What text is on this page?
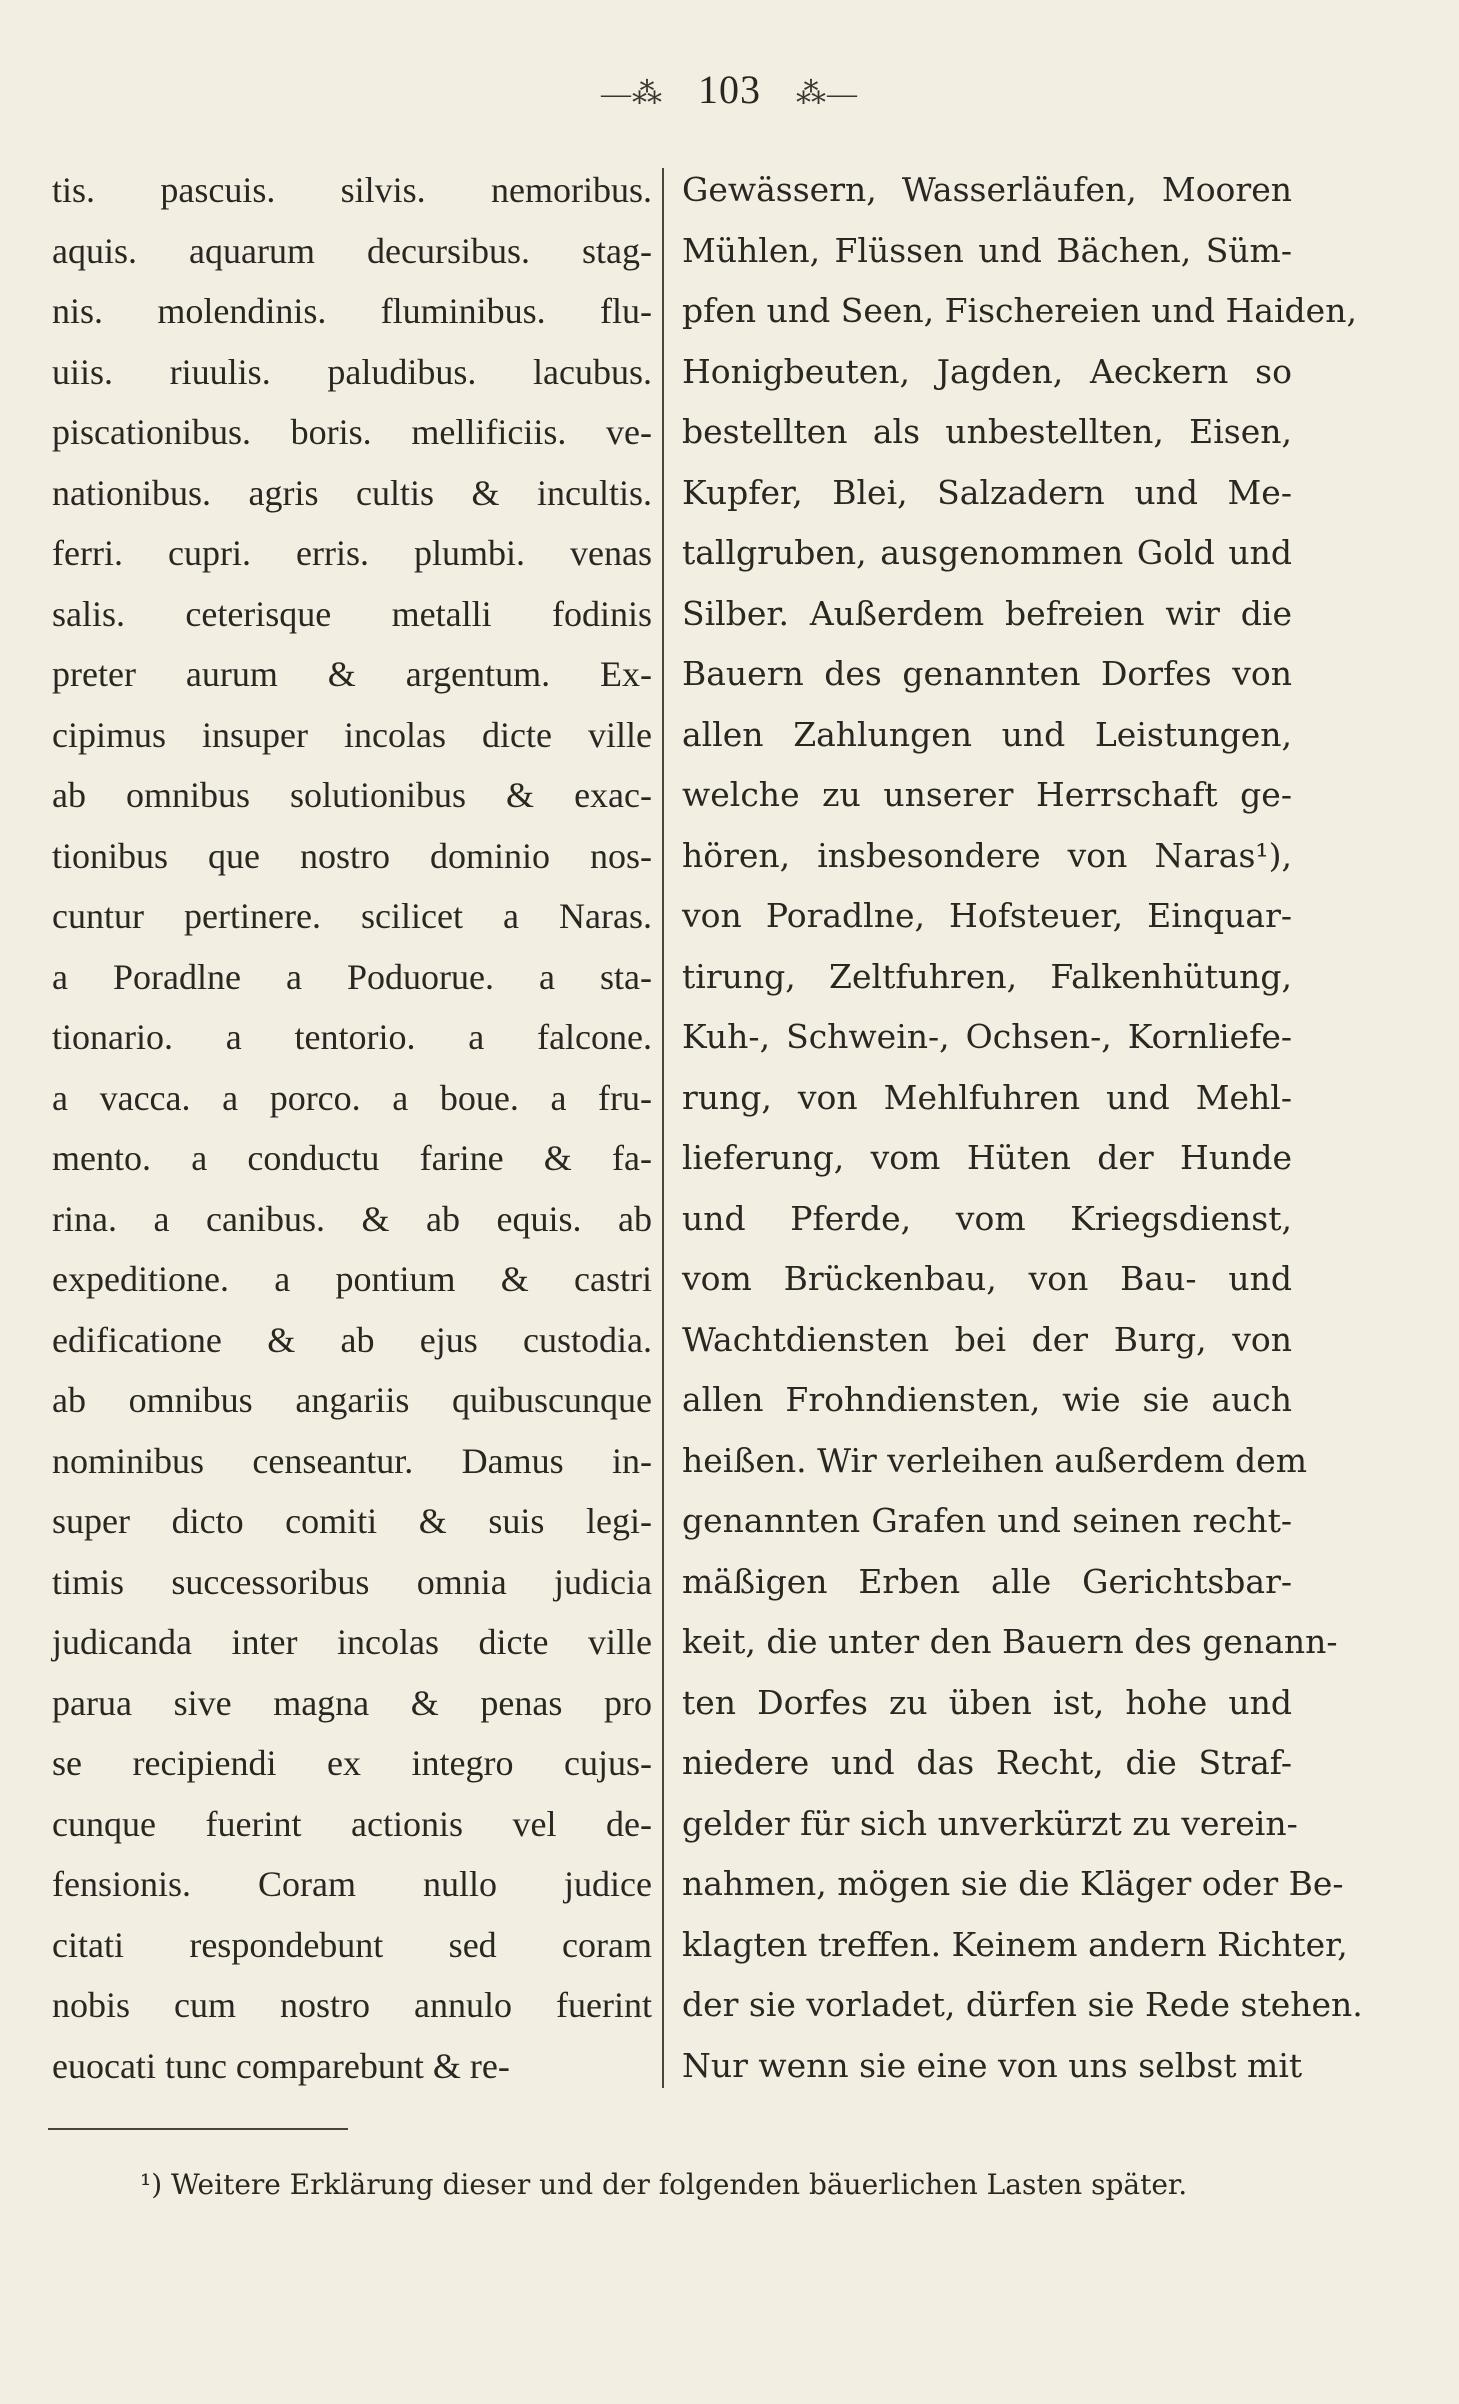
—⁂ 103 ⁂—
tis. pascuis. silvis. nemoribus.
aquis. aquarum decursibus. stag-
nis. molendinis. fluminibus. flu-
uiis. riuulis. paludibus. lacubus.
piscationibus. boris. mellificiis. ve-
nationibus. agris cultis & incultis.
ferri. cupri. erris. plumbi. venas
salis. ceterisque metalli fodinis
preter aurum & argentum. Ex-
cipimus insuper incolas dicte ville
ab omnibus solutionibus & exac-
tionibus que nostro dominio nos-
cuntur pertinere. scilicet a Naras.
a Poradlne a Poduorue. a sta-
tionario. a tentorio. a falcone.
a vacca. a porco. a boue. a fru-
mento. a conductu farine & fa-
rina. a canibus. & ab equis. ab
expeditione. a pontium & castri
edificatione & ab ejus custodia.
ab omnibus angariis quibuscunque
nominibus censeantur. Damus in-
super dicto comiti & suis legi-
timis successoribus omnia judicia
judicanda inter incolas dicte ville
parua sive magna & penas pro
se recipiendi ex integro cujus-
cunque fuerint actionis vel de-
fensionis. Coram nullo judice
citati respondebunt sed coram
nobis cum nostro annulo fuerint
euocati tunc comparebunt & re-
Gewässern, Wasserläufen, Mooren
Mühlen, Flüssen und Bächen, Süm-
pfen und Seen, Fischereien und Haiden,
Honigbeuten, Jagden, Aeckern so
bestellten als unbestellten, Eisen,
Kupfer, Blei, Salzadern und Me-
tallgruben, ausgenommen Gold und
Silber. Außerdem befreien wir die
Bauern des genannten Dorfes von
allen Zahlungen und Leistungen,
welche zu unserer Herrschaft ge-
hören, insbesondere von Naras¹),
von Poradlne, Hofsteuer, Einquar-
tirung, Zeltfuhren, Falkenhütung,
Kuh-, Schwein-, Ochsen-, Kornliefe-
rung, von Mehlfuhren und Mehl-
lieferung, vom Hüten der Hunde
und Pferde, vom Kriegsdienst,
vom Brückenbau, von Bau- und
Wachtdiensten bei der Burg, von
allen Frohndiensten, wie sie auch
heißen. Wir verleihen außerdem dem
genannten Grafen und seinen recht-
mäßigen Erben alle Gerichtsbar-
keit, die unter den Bauern des genann-
ten Dorfes zu üben ist, hohe und
niedere und das Recht, die Straf-
gelder für sich unverkürzt zu verein-
nahmen, mögen sie die Kläger oder Be-
klagten treffen. Keinem andern Richter,
der sie vorladet, dürfen sie Rede stehen.
Nur wenn sie eine von uns selbst mit
¹) Weitere Erklärung dieser und der folgenden bäuerlichen Lasten später.
